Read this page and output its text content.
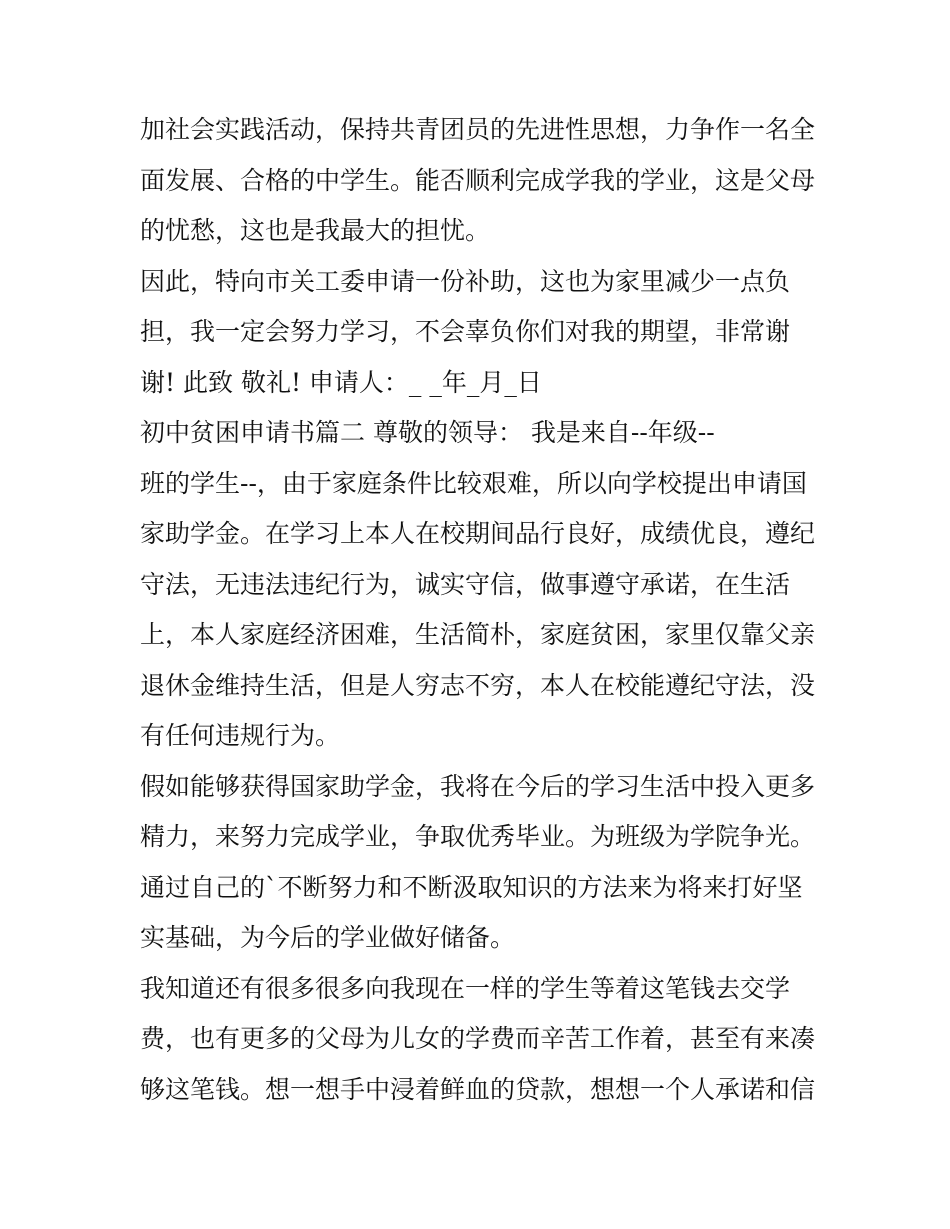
加社会实践活动，保持共青团员的先进性思想，力争作一名全
面发展、合格的中学生。能否顺利完成学我的学业，这是父母
的忧愁，这也是我最大的担忧。
因此，特向市关工委申请一份补助，这也为家里减少一点负
担，我一定会努力学习，不会辜负你们对我的期望，非常谢
谢! 此致 敬礼! 申请人：_ _年_月_日
初中贫困申请书篇二 尊敬的领导： 我是来自--年级--
班的学生--，由于家庭条件比较艰难，所以向学校提出申请国
家助学金。在学习上本人在校期间品行良好，成绩优良，遵纪
守法，无违法违纪行为，诚实守信，做事遵守承诺，在生活
上，本人家庭经济困难，生活简朴，家庭贫困，家里仅靠父亲
退休金维持生活，但是人穷志不穷，本人在校能遵纪守法，没
有任何违规行为。
假如能够获得国家助学金，我将在今后的学习生活中投入更多
精力，来努力完成学业，争取优秀毕业。为班级为学院争光。
通过自己的`不断努力和不断汲取知识的方法来为将来打好坚
实基础，为今后的学业做好储备。
我知道还有很多很多向我现在一样的学生等着这笔钱去交学
费，也有更多的父母为儿女的学费而辛苦工作着，甚至有来凑
够这笔钱。想一想手中浸着鲜血的贷款，想想一个人承诺和信
